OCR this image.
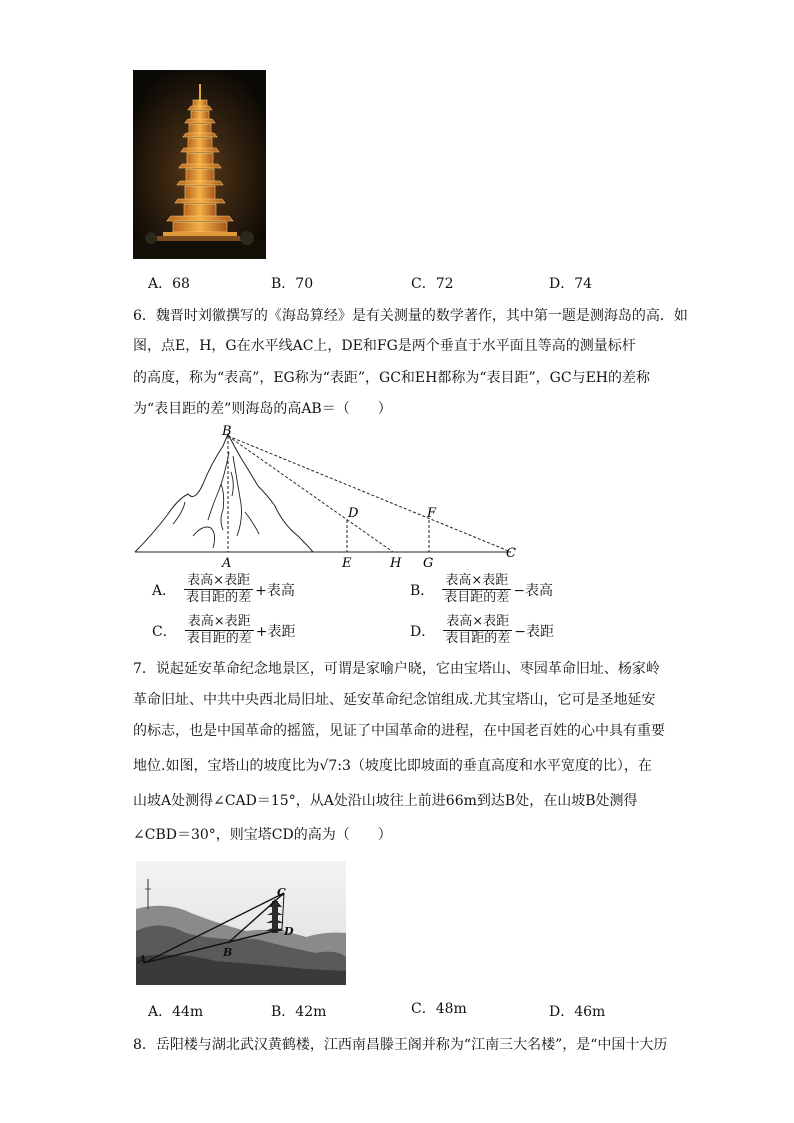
A．68	B．70	C．72	D．74
6．魏晋时刘徽撰写的《海岛算经》是有关测量的数学著作，其中第一题是测海岛的高．如
图，点E，H，G在水平线AC上，DE和FG是两个垂直于水平面且等高的测量标杆
的高度，称为“表高”，EG称为“表距”，GC和EH都称为“表目距”，GC与EH的差称
为“表目距的差”则海岛的高AB＝（　　）
B
A
D	F
E	H G
C
A． $\frac{\text{表高×表距}}{\text{表目距的差}}$ +表高	B． $\frac{\text{表高×表距}}{\text{表目距的差}}$ −表高
C． $\frac{\text{表高×表距}}{\text{表目距的差}}$ +表距	D． $\frac{\text{表高×表距}}{\text{表目距的差}}$ −表距
7．说起延安革命纪念地景区，可谓是家喻户晓，它由宝塔山、枣园革命旧址、杨家岭
革命旧址、中共中央西北局旧址、延安革命纪念馆组成.尤其宝塔山，它可是圣地延安
的标志，也是中国革命的摇篮，见证了中国革命的进程，在中国老百姓的心中具有重要
地位.如图，宝塔山的坡度比为√7:3（坡度比即坡面的垂直高度和水平宽度的比），在
山坡A处测得∠CAD＝15°，从A处沿山坡往上前进66m到达B处，在山坡B处测得
∠CBD＝30°，则宝塔CD的高为（　　）
C
D
B
A
A．44m	B．42m	C．48m	D．46m
8．岳阳楼与湖北武汉黄鹤楼，江西南昌滕王阁并称为“江南三大名楼”，是“中国十大历
